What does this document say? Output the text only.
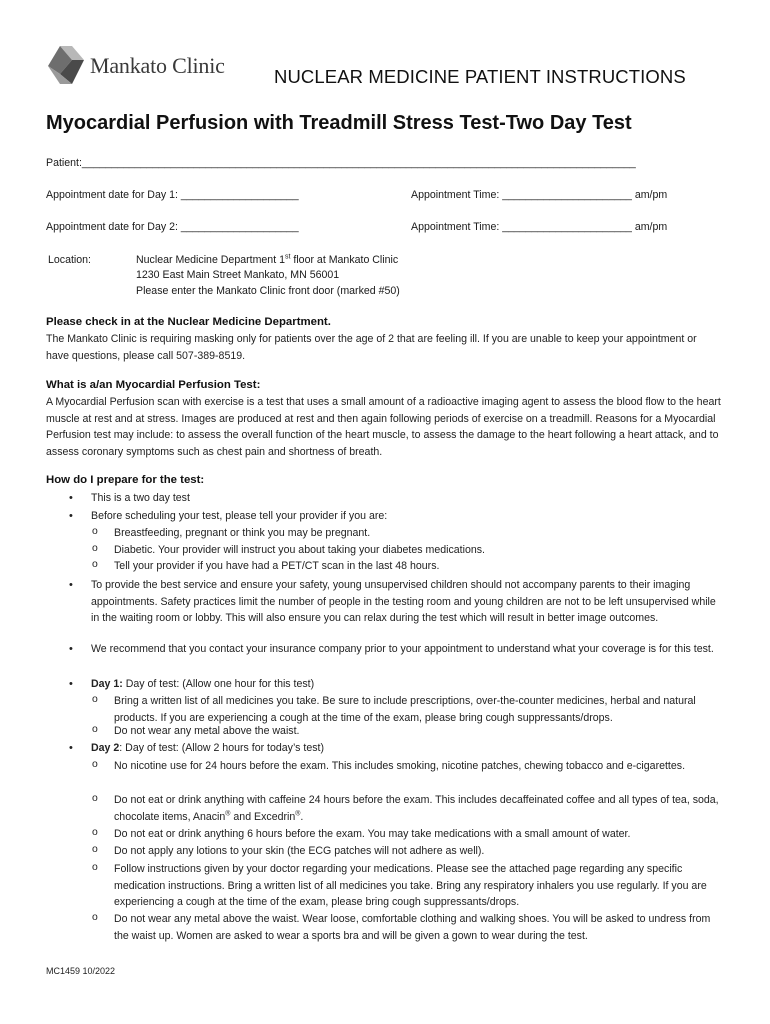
Mankato Clinic	NUCLEAR MEDICINE PATIENT INSTRUCTIONS
Myocardial Perfusion with Treadmill Stress Test-Two Day Test
Patient:______________________________________________________________________________________________
Appointment date for Day 1: ____________________	Appointment Time: ______________________ am/pm
Appointment date for Day 2: ____________________	Appointment Time: ______________________ am/pm
Location:	Nuclear Medicine Department 1st floor at Mankato Clinic
1230 East Main Street Mankato, MN 56001
Please enter the Mankato Clinic front door (marked #50)
Please check in at the Nuclear Medicine Department.
The Mankato Clinic is requiring masking only for patients over the age of 2 that are feeling ill. If you are unable to keep your appointment or have questions, please call 507-389-8519.
What is a/an Myocardial Perfusion Test:
A Myocardial Perfusion scan with exercise is a test that uses a small amount of a radioactive imaging agent to assess the blood flow to the heart muscle at rest and at stress. Images are produced at rest and then again following periods of exercise on a treadmill. Reasons for a Myocardial Perfusion test may include: to assess the overall function of the heart muscle, to assess the damage to the heart following a heart attack, and to assess coronary symptoms such as chest pain and shortness of breath.
How do I prepare for the test:
• This is a two day test
• Before scheduling your test, please tell your provider if you are:
o Breastfeeding, pregnant or think you may be pregnant.
o Diabetic. Your provider will instruct you about taking your diabetes medications.
o Tell your provider if you have had a PET/CT scan in the last 48 hours.
• To provide the best service and ensure your safety, young unsupervised children should not accompany parents to their imaging appointments. Safety practices limit the number of people in the testing room and young children are not to be left unsupervised while in the waiting room or lobby. This will also ensure you can relax during the test which will result in better image outcomes.
• We recommend that you contact your insurance company prior to your appointment to understand what your coverage is for this test.
• Day 1: Day of test: (Allow one hour for this test)
o Bring a written list of all medicines you take. Be sure to include prescriptions, over-the-counter medicines, herbal and natural products. If you are experiencing a cough at the time of the exam, please bring cough suppressants/drops.
o Do not wear any metal above the waist.
• Day 2: Day of test: (Allow 2 hours for today’s test)
o No nicotine use for 24 hours before the exam. This includes smoking, nicotine patches, chewing tobacco and e-cigarettes.
o Do not eat or drink anything with caffeine 24 hours before the exam. This includes decaffeinated coffee and all types of tea, soda, chocolate items, Anacin® and Excedrin®.
o Do not eat or drink anything 6 hours before the exam. You may take medications with a small amount of water.
o Do not apply any lotions to your skin (the ECG patches will not adhere as well).
o Follow instructions given by your doctor regarding your medications. Please see the attached page regarding any specific medication instructions. Bring a written list of all medicines you take. Bring any respiratory inhalers you use regularly. If you are experiencing a cough at the time of the exam, please bring cough suppressants/drops.
o Do not wear any metal above the waist. Wear loose, comfortable clothing and walking shoes. You will be asked to undress from the waist up. Women are asked to wear a sports bra and will be given a gown to wear during the test.
MC1459 10/2022
